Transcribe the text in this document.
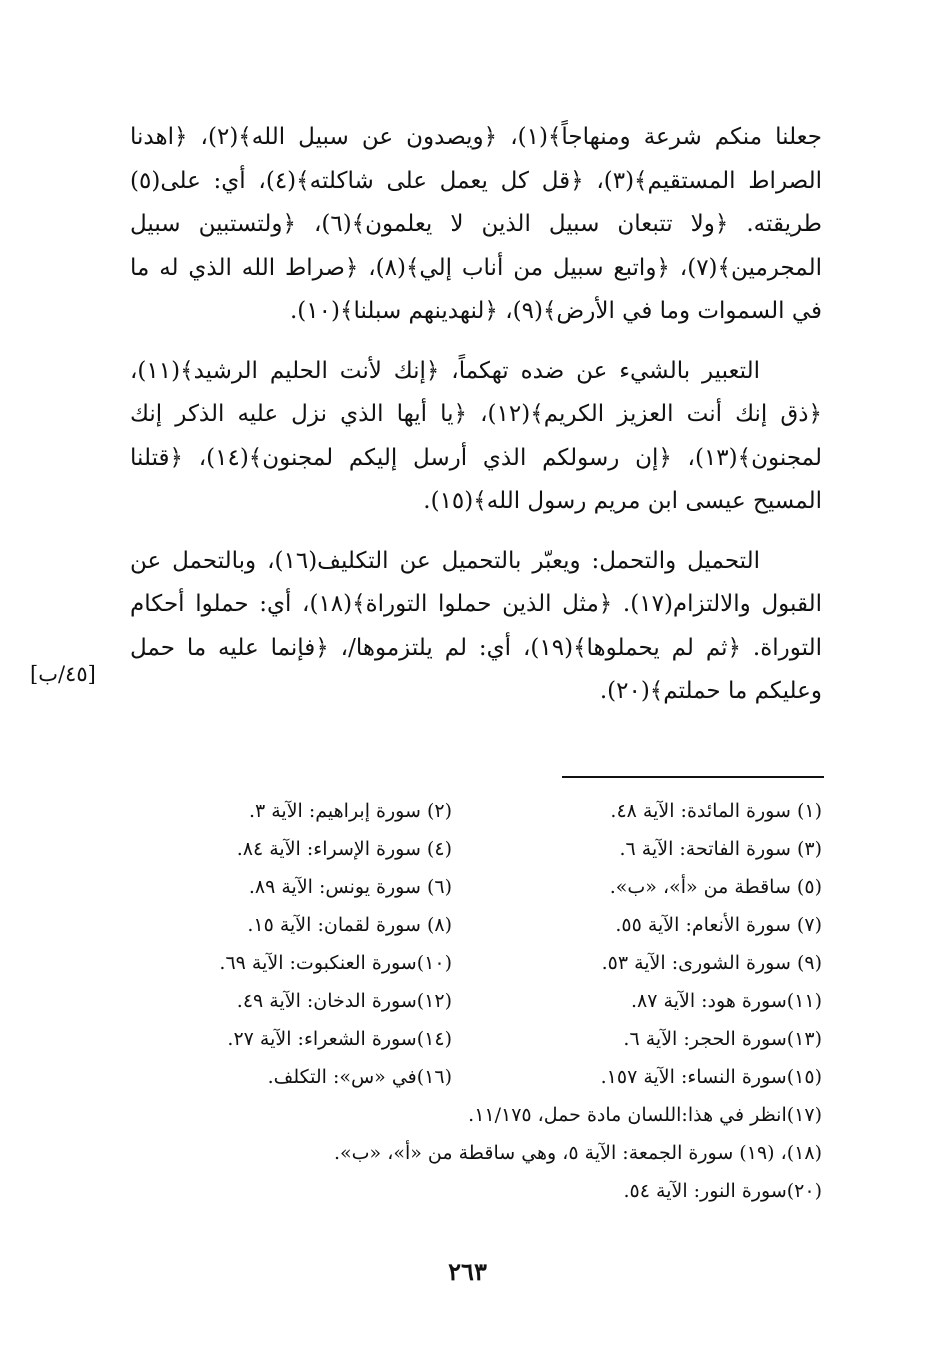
جعلنا منكم شرعة ومنهاجاً﴾(١)، ﴿ويصدون عن سبيل الله﴾(٢)، ﴿اهدنا الصراط المستقيم﴾(٣)، ﴿قل كل يعمل على شاكلته﴾(٤)، أي: على(٥) طريقته. ﴿ولا تتبعان سبيل الذين لا يعلمون﴾(٦)، ﴿ولتستبين سبيل المجرمين﴾(٧)، ﴿واتبع سبيل من أناب إلي﴾(٨)، ﴿صراط الله الذي له ما في السموات وما في الأرض﴾(٩)، ﴿لنهدينهم سبلنا﴾(١٠).

التعبير بالشيء عن ضده تهكماً، ﴿إنك لأنت الحليم الرشيد﴾(١١)، ﴿ذق إنك أنت العزيز الكريم﴾(١٢)، ﴿يا أيها الذي نزل عليه الذكر إنك لمجنون﴾(١٣)، ﴿إن رسولكم الذي أرسل إليكم لمجنون﴾(١٤)، ﴿قتلنا المسيح عيسى ابن مريم رسول الله﴾(١٥).

التحميل والتحمل: ويعبّر بالتحميل عن التكليف(١٦)، وبالتحمل عن القبول والالتزام(١٧). ﴿مثل الذين حملوا التوراة﴾(١٨)، أي: حملوا أحكام التوراة. ﴿ثم لم يحملوها﴾(١٩)، أي: لم يلتزموها/، ﴿فإنما عليه ما حمل وعليكم ما حملتم﴾(٢٠).

[٤٥/ب]
(١) سورة المائدة: الآية ٤٨.
(٢) سورة إبراهيم: الآية ٣.
(٣) سورة الفاتحة: الآية ٦.
(٤) سورة الإسراء: الآية ٨٤.
(٥) ساقطة من «أ»، «ب».
(٦) سورة يونس: الآية ٨٩.
(٧) سورة الأنعام: الآية ٥٥.
(٨) سورة لقمان: الآية ١٥.
(٩) سورة الشورى: الآية ٥٣.
(١٠)سورة العنكبوت: الآية ٦٩.
(١١)سورة هود: الآية ٨٧.
(١٢)سورة الدخان: الآية ٤٩.
(١٣)سورة الحجر: الآية ٦.
(١٤)سورة الشعراء: الآية ٢٧.
(١٥)سورة النساء: الآية ١٥٧.
(١٦)في «س»: التكلف.
(١٧)انظر في هذا:اللسان مادة حمل، ١١/١٧٥.
(١٨)، (١٩) سورة الجمعة: الآية ٥، وهي ساقطة من «أ»، «ب».
(٢٠)سورة النور: الآية ٥٤.
٢٦٣
